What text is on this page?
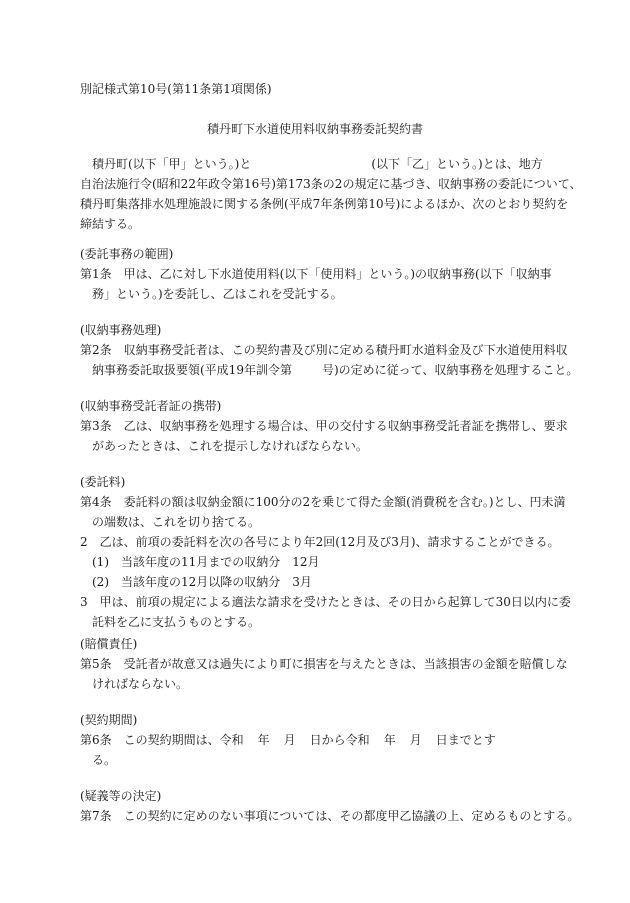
別記様式第10号(第11条第1項関係)
積丹町下水道使用料収納事務委託契約書
積丹町(以下「甲」という。)と	(以下「乙」という。)とは、地方
自治法施行令(昭和22年政令第16号)第173条の2の規定に基づき、収納事務の委託について、
積丹町集落排水処理施設に関する条例(平成7年条例第10号)によるほか、次のとおり契約を
締結する。
(委託事務の範囲)
第1条　甲は、乙に対し下水道使用料(以下「使用料」という。)の収納事務(以下「収納事
務」という。)を委託し、乙はこれを受託する。
(収納事務処理)
第2条　収納事務受託者は、この契約書及び別に定める積丹町水道料金及び下水道使用料収
納事務委託取扱要領(平成19年訓令第	号)の定めに従って、収納事務を処理すること。
(収納事務受託者証の携帯)
第3条　乙は、収納事務を処理する場合は、甲の交付する収納事務受託者証を携帯し、要求
があったときは、これを提示しなければならない。
(委託料)
第4条　委託料の額は収納金額に100分の2を乗じて得た金額(消費税を含む。)とし、円未満
の端数は、これを切り捨てる。
2　乙は、前項の委託料を次の各号により年2回(12月及び3月)、請求することができる。
(1)　当該年度の11月までの収納分　12月
(2)　当該年度の12月以降の収納分　3月
3　甲は、前項の規定による適法な請求を受けたときは、その日から起算して30日以内に委
託料を乙に支払うものとする。
(賠償責任)
第5条　受託者が故意又は過失により町に損害を与えたときは、当該損害の金額を賠償しな
ければならない。
(契約期間)
第6条　この契約期間は、令和 年 月 日から令和 年 月 日までとす
る。
(疑義等の決定)
第7条　この契約に定めのない事項については、その都度甲乙協議の上、定めるものとする。
